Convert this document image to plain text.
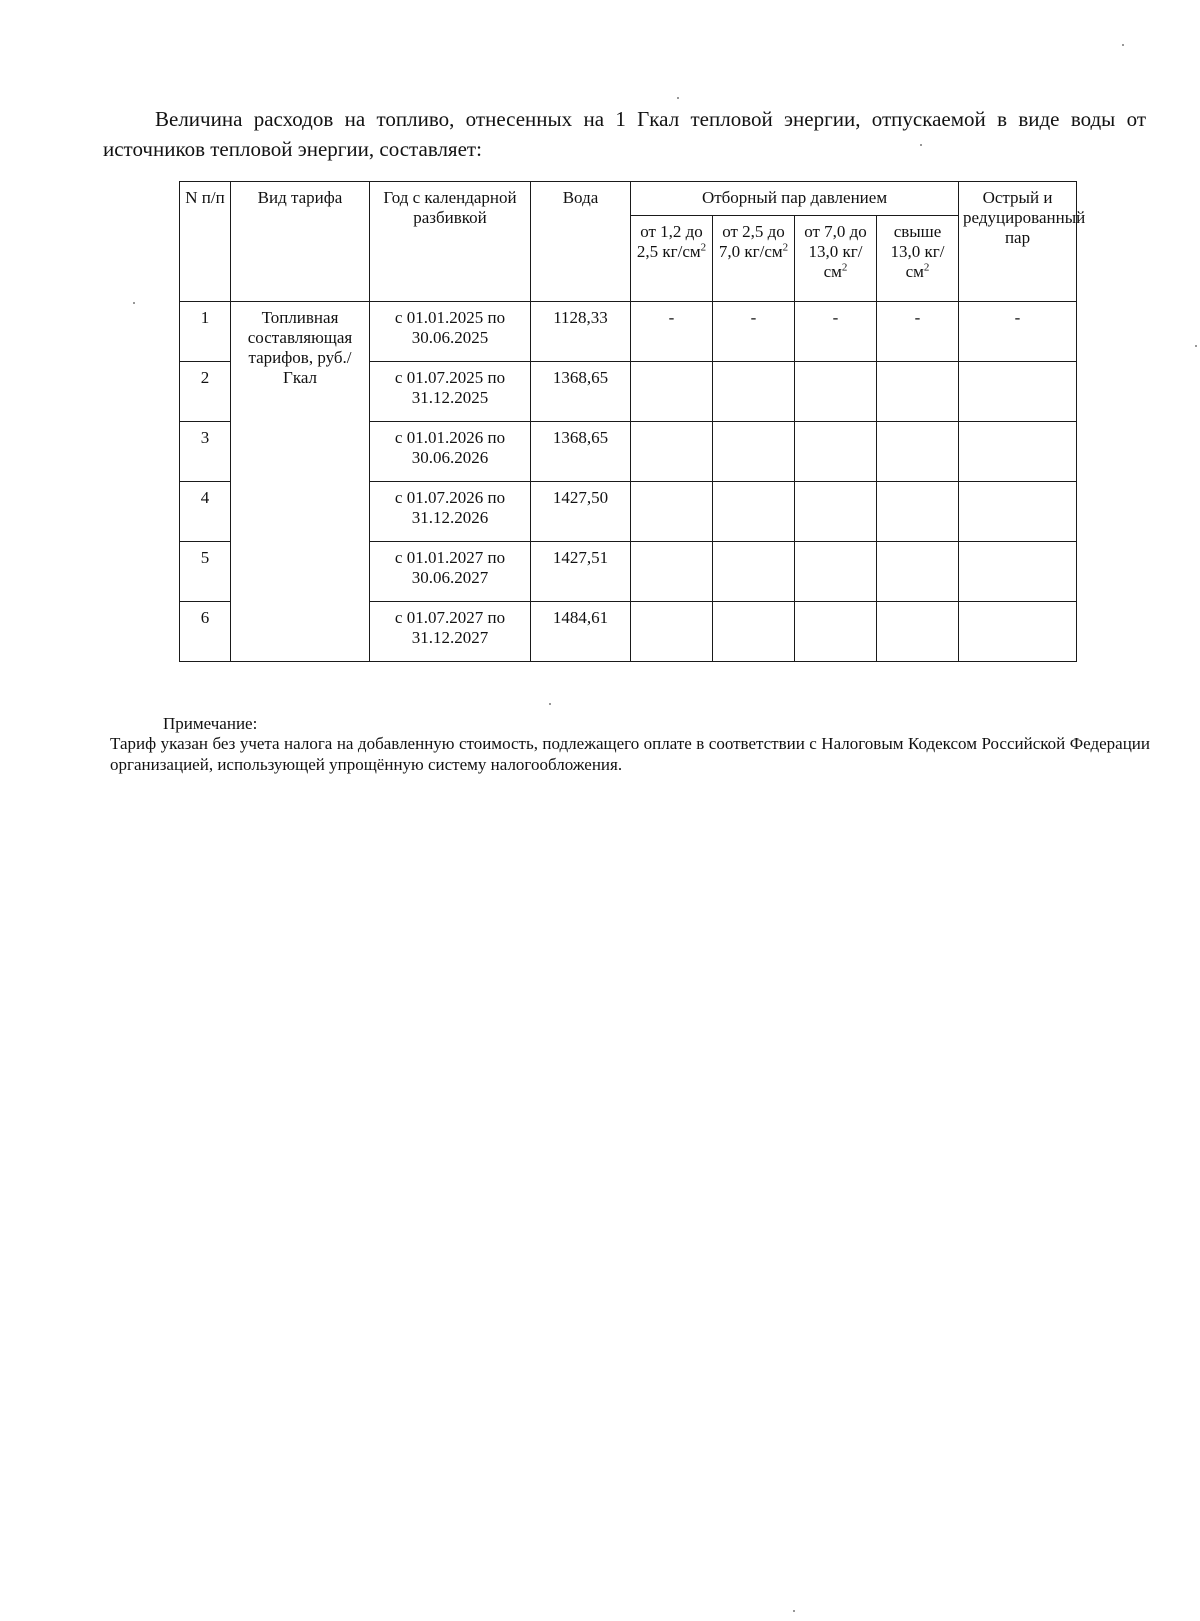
Величина расходов на топливо, отнесенных на 1 Гкал тепловой энергии, отпускаемой в виде воды от источников тепловой энергии, составляет:

N п/п	Вид тарифа	Год с календарной разбивкой	Вода	Отборный пар давлением				Острый и редуцированный пар
				от 1,2 до 2,5 $кг/см^2$	от 2,5 до 7,0 $кг/см^2$	от 7,0 до 13,0 $кг/см^2$	свыше 13,0 $кг/см^2$
1	Топливная составляющая тарифов, руб./Гкал	с 01.01.2025 по 30.06.2025	1128,33	-	-	-	-	-
2		с 01.07.2025 по 31.12.2025	1368,65					
3		с 01.01.2026 по 30.06.2026	1368,65					
4		с 01.07.2026 по 31.12.2026	1427,50					
5		с 01.01.2027 по 30.06.2027	1427,51					
6		с 01.07.2027 по 31.12.2027	1484,61					

Примечание:

Тариф указан без учета налога на добавленную стоимость, подлежащего оплате в соответствии с Налоговым Кодексом Российской Федерации организацией, использующей упрощённую систему налогообложения.
